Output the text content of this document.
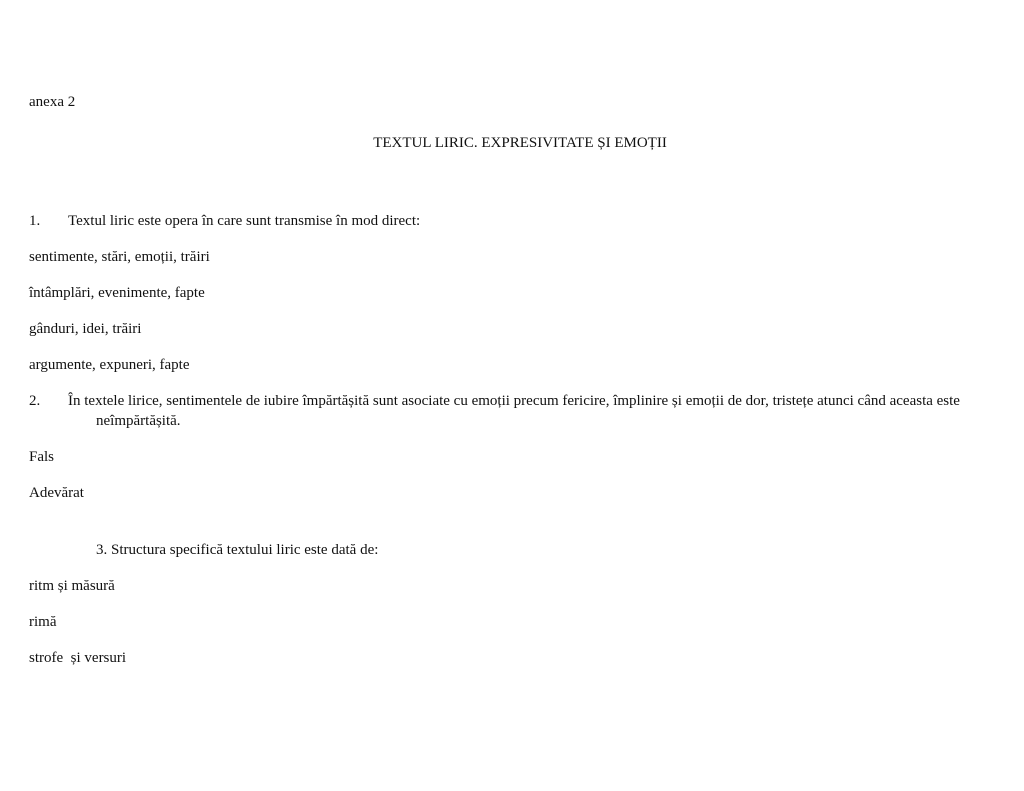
anexa 2
TEXTUL LIRIC. EXPRESIVITATE ȘI EMOȚII
1. Textul liric este opera în care sunt transmise în mod direct:
sentimente, stări, emoții, trăiri
întâmplări, evenimente, fapte
gânduri, idei, trăiri
argumente, expuneri, fapte
2. În textele lirice, sentimentele de iubire împărtășită sunt asociate cu emoții precum fericire, împlinire și emoții de dor, tristețe atunci când aceasta este
neîmpărtășită.
Fals
Adevărat
3. Structura specifică textului liric este dată de:
ritm și măsură
rimă
strofe  și versuri
